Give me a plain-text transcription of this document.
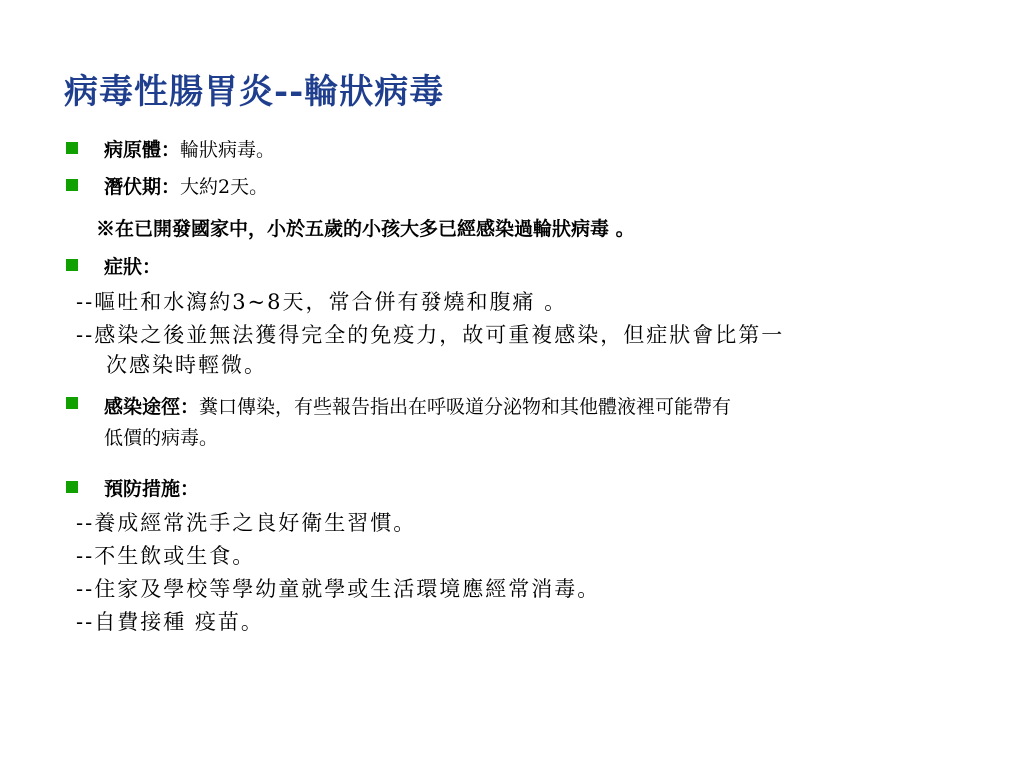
病毒性腸胃炎--輪狀病毒
病原體：輪狀病毒。
潛伏期：大約2天。
※在已開發國家中，小於五歲的小孩大多已經感染過輪狀病毒 。
症狀：
--嘔吐和水瀉約3~8天，常合併有發燒和腹痛 。
--感染之後並無法獲得完全的免疫力，故可重複感染，但症狀會比第一
次感染時輕微。
感染途徑：糞口傳染，有些報告指出在呼吸道分泌物和其他體液裡可能帶有
低價的病毒。
預防措施：
--養成經常洗手之良好衛生習慣。
--不生飲或生食。
--住家及學校等學幼童就學或生活環境應經常消毒。
--自費接種 疫苗。
